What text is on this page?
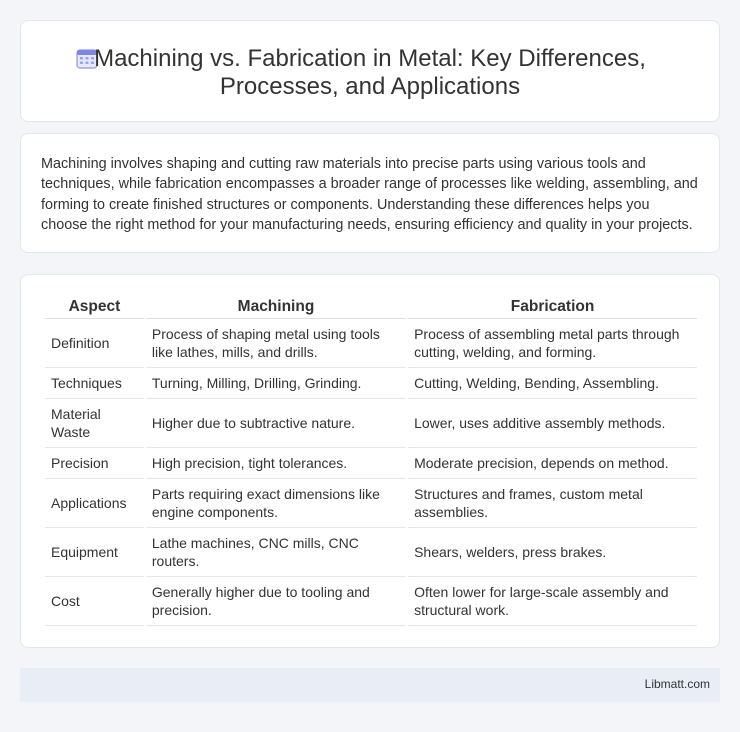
Machining vs. Fabrication in Metal: Key Differences,
Processes, and Applications

Machining involves shaping and cutting raw materials into precise parts using various tools and techniques, while fabrication encompasses a broader range of processes like welding, assembling, and forming to create finished structures or components. Understanding these differences helps you choose the right method for your manufacturing needs, ensuring efficiency and quality in your projects.

Aspect	Machining	Fabrication
Definition	Process of shaping metal using tools like lathes, mills, and drills.	Process of assembling metal parts through cutting, welding, and forming.
Techniques	Turning, Milling, Drilling, Grinding.	Cutting, Welding, Bending, Assembling.
Material Waste	Higher due to subtractive nature.	Lower, uses additive assembly methods.
Precision	High precision, tight tolerances.	Moderate precision, depends on method.
Applications	Parts requiring exact dimensions like engine components.	Structures and frames, custom metal assemblies.
Equipment	Lathe machines, CNC mills, CNC routers.	Shears, welders, press brakes.
Cost	Generally higher due to tooling and precision.	Often lower for large-scale assembly and structural work.
Libmatt.com
